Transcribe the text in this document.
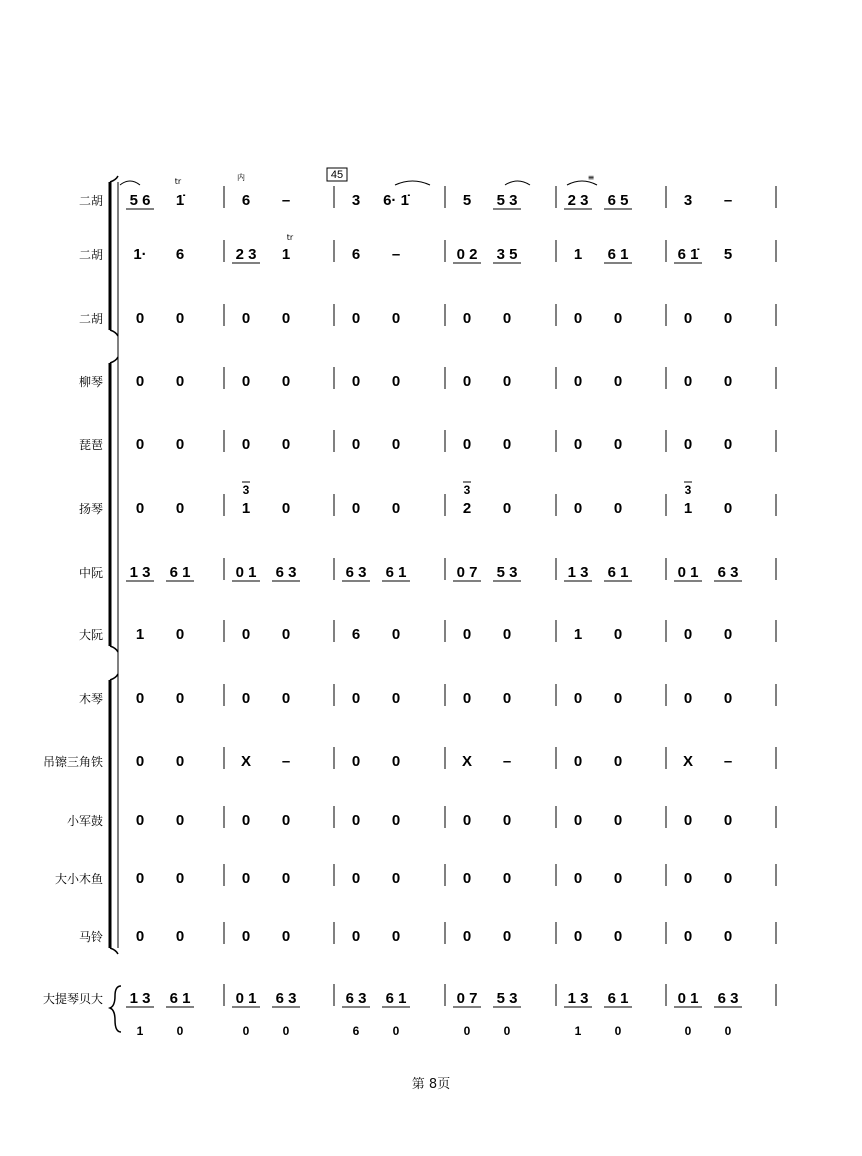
45
二胡 5 6 1̇	6 –	3 6· 1̇	5 5 3	2 3 6 5	3 –
二胡 1· 6	2 3 1	6 –	0 2 3 5	1 6 1	6 1̇ 5
二胡 0 0	0 0	0 0	0 0	0 0	0 0
柳琴 0 0	0 0	0 0	0 0	0 0	0 0
琵琶 0 0	0 0	0 0	0 0	0 0	0 0
扬琴 0 0	1 0	0 0	2 0	0 0	1 0
中阮 1 3 6 1	0 1 6 3	6 3 6 1	0 7 5 3	1 3 6 1	0 1 6 3
大阮 1 0	0 0	6 0	0 0	1 0	0 0
木琴 0 0	0 0	0 0	0 0	0 0	0 0
吊镲三角铁 0 0	X –	0 0	X –	0 0	X –
小军鼓 0 0	0 0	0 0	0 0	0 0	0 0
大小木鱼 0 0	0 0	0 0	0 0	0 0	0 0
马铃 0 0	0 0	0 0	0 0	0 0	0 0
大提琴贝大 1 3 6 1	0 1 6 3	6 3 6 1	0 7 5 3	1 3 6 1	0 1 6 3
1	0	0	0	6	0	0	0	1	0	0	0
3	3	3
tr
tr
内	≡
第 8页
